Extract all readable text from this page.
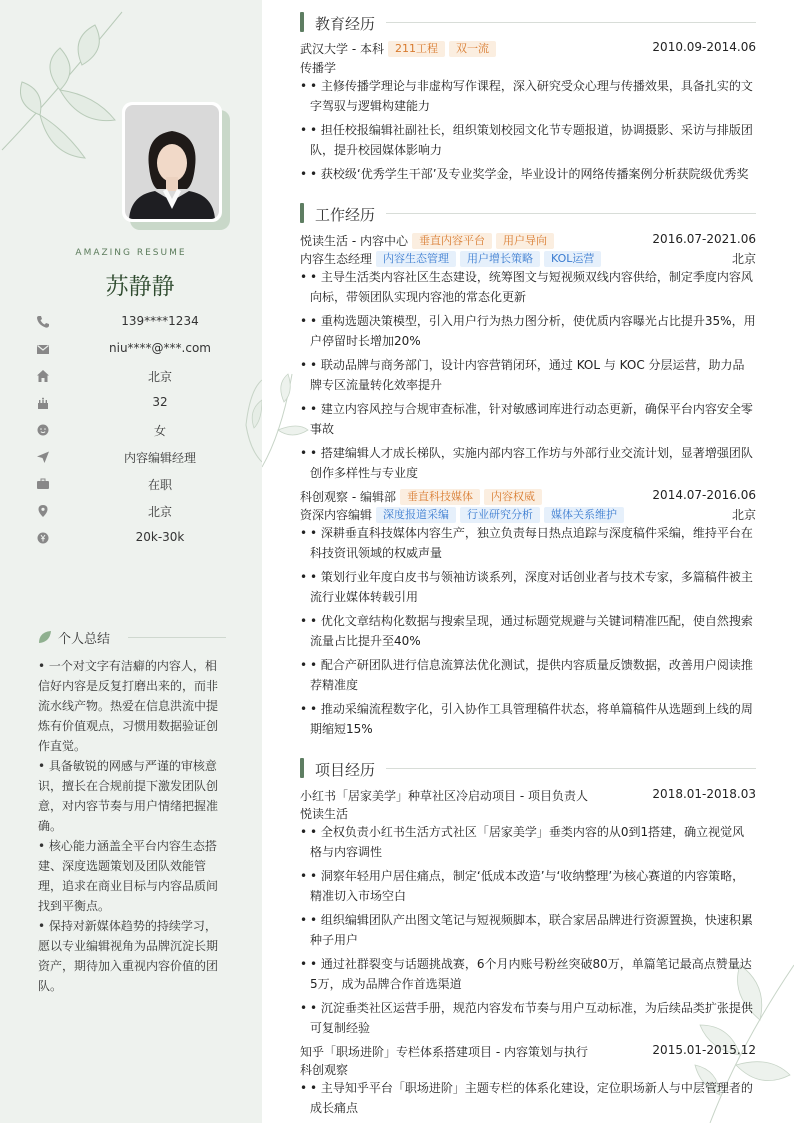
AMAZING RESUME
苏静静
139****1234
niu****@***.com
北京
32
女
内容编辑经理
在职
北京
20k-30k
个人总结

• 一个对文字有洁癖的内容人，相信好内容是反复打磨出来的，而非流水线产物。热爱在信息洪流中提炼有价值观点，习惯用数据验证创作直觉。

• 具备敏锐的网感与严谨的审核意识，擅长在合规前提下激发团队创意，对内容节奏与用户情绪把握准确。

• 核心能力涵盖全平台内容生态搭建、深度选题策划及团队效能管理，追求在商业目标与内容品质间找到平衡点。

• 保持对新媒体趋势的持续学习，愿以专业编辑视角为品牌沉淀长期资产，期待加入重视内容价值的团队。

教育经历
武汉大学 - 本科 211工程 双一流	2010.09-2014.06
传播学
• • 主修传播学理论与非虚构写作课程，深入研究受众心理与传播效果，具备扎实的文字驾驭与逻辑构建能力
• • 担任校报编辑社副社长，组织策划校园文化节专题报道，协调摄影、采访与排版团队，提升校园媒体影响力
• • 获校级‘优秀学生干部’及专业奖学金，毕业设计的网络传播案例分析获院级优秀奖
工作经历
悦读生活 - 内容中心 垂直内容平台 用户导向	2016.07-2021.06
内容生态经理 内容生态管理 用户增长策略 KOL运营	北京
• • 主导生活类内容社区生态建设，统筹图文与短视频双线内容供给，制定季度内容风向标，带领团队实现内容池的常态化更新
• • 重构选题决策模型，引入用户行为热力图分析，使优质内容曝光占比提升35%，用户停留时长增加20%
• • 联动品牌与商务部门，设计内容营销闭环，通过 KOL 与 KOC 分层运营，助力品牌专区流量转化效率提升
• • 建立内容风控与合规审查标准，针对敏感词库进行动态更新，确保平台内容安全零事故
• • 搭建编辑人才成长梯队，实施内部内容工作坊与外部行业交流计划，显著增强团队创作多样性与专业度
科创观察 - 编辑部 垂直科技媒体 内容权威	2014.07-2016.06
资深内容编辑 深度报道采编 行业研究分析 媒体关系维护	北京
• • 深耕垂直科技媒体内容生产，独立负责每日热点追踪与深度稿件采编，维持平台在科技资讯领域的权威声量
• • 策划行业年度白皮书与领袖访谈系列，深度对话创业者与技术专家，多篇稿件被主流行业媒体转载引用
• • 优化文章结构化数据与搜索呈现，通过标题党规避与关键词精准匹配，使自然搜索流量占比提升至40%
• • 配合产研团队进行信息流算法优化测试，提供内容质量反馈数据，改善用户阅读推荐精准度
• • 推动采编流程数字化，引入协作工具管理稿件状态，将单篇稿件从选题到上线的周期缩短15%
项目经历
小红书「居家美学」种草社区冷启动项目 - 项目负责人	2018.01-2018.03
悦读生活
• • 全权负责小红书生活方式社区「居家美学」垂类内容的从0到1搭建，确立视觉风格与内容调性
• • 洞察年轻用户居住痛点，制定‘低成本改造’与‘收纳整理’为核心赛道的内容策略，精准切入市场空白
• • 组织编辑团队产出图文笔记与短视频脚本，联合家居品牌进行资源置换，快速积累种子用户
• • 通过社群裂变与话题挑战赛，6个月内账号粉丝突破80万，单篇笔记最高点赞量达5万，成为品牌合作首选渠道
• • 沉淀垂类社区运营手册，规范内容发布节奏与用户互动标准，为后续品类扩张提供可复制经验
知乎「职场进阶」专栏体系搭建项目 - 内容策划与执行	2015.01-2015.12
科创观察
• • 主导知乎平台「职场进阶」主题专栏的体系化建设，定位职场新人与中层管理者的成长痛点
